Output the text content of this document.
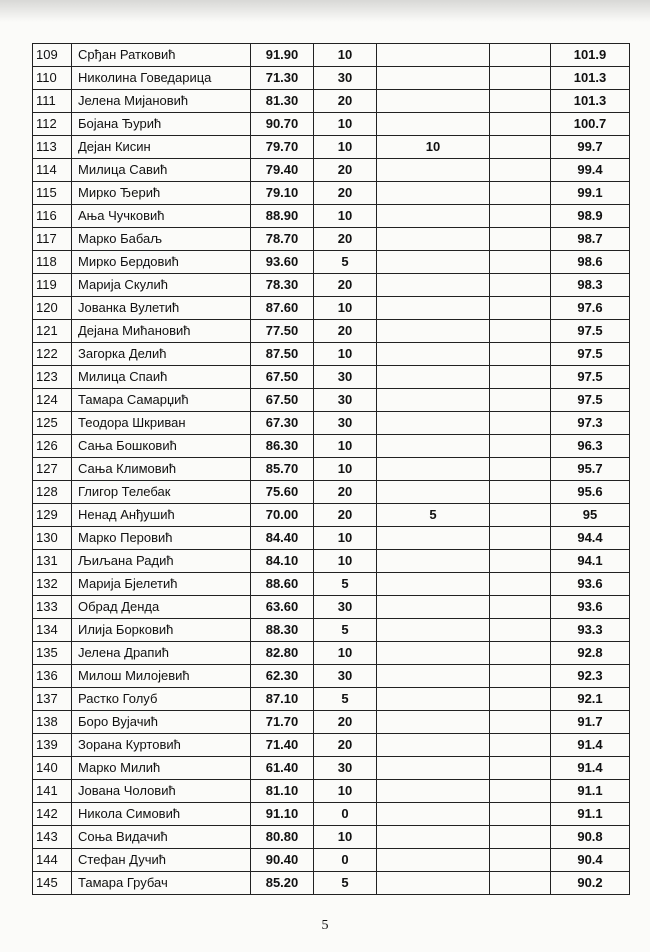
109	Срђан Ратковић	91.90	10			101.9
110	Николина Говедарица	71.30	30			101.3
111	Јелена Мијановић	81.30	20			101.3
112	Бојана Ђурић	90.70	10			100.7
113	Дејан Кисин	79.70	10	10		99.7
114	Милица Савић	79.40	20			99.4
115	Мирко Ђерић	79.10	20			99.1
116	Ања Чучковић	88.90	10			98.9
117	Марко Бабаљ	78.70	20			98.7
118	Мирко Бердовић	93.60	5			98.6
119	Марија Скулић	78.30	20			98.3
120	Јованка Вулетић	87.60	10			97.6
121	Дејана Мићановић	77.50	20			97.5
122	Загорка Делић	87.50	10			97.5
123	Милица Спаић	67.50	30			97.5
124	Тамара Самарџић	67.50	30			97.5
125	Теодора Шкриван	67.30	30			97.3
126	Сања Бошковић	86.30	10			96.3
127	Сања Климовић	85.70	10			95.7
128	Глигор Телебак	75.60	20			95.6
129	Ненад Анђушић	70.00	20	5		95
130	Марко Перовић	84.40	10			94.4
131	Љиљана Радић	84.10	10			94.1
132	Марија Бјелетић	88.60	5			93.6
133	Обрад Денда	63.60	30			93.6
134	Илија Борковић	88.30	5			93.3
135	Јелена Драпић	82.80	10			92.8
136	Милош Милојевић	62.30	30			92.3
137	Растко Голуб	87.10	5			92.1
138	Боро Вујачић	71.70	20			91.7
139	Зорана Куртовић	71.40	20			91.4
140	Марко Милић	61.40	30			91.4
141	Јована Чоловић	81.10	10			91.1
142	Никола Симовић	91.10	0			91.1
143	Соња Видачић	80.80	10			90.8
144	Стефан Дучић	90.40	0			90.4
145	Тамара Грубач	85.20	5			90.2
5
